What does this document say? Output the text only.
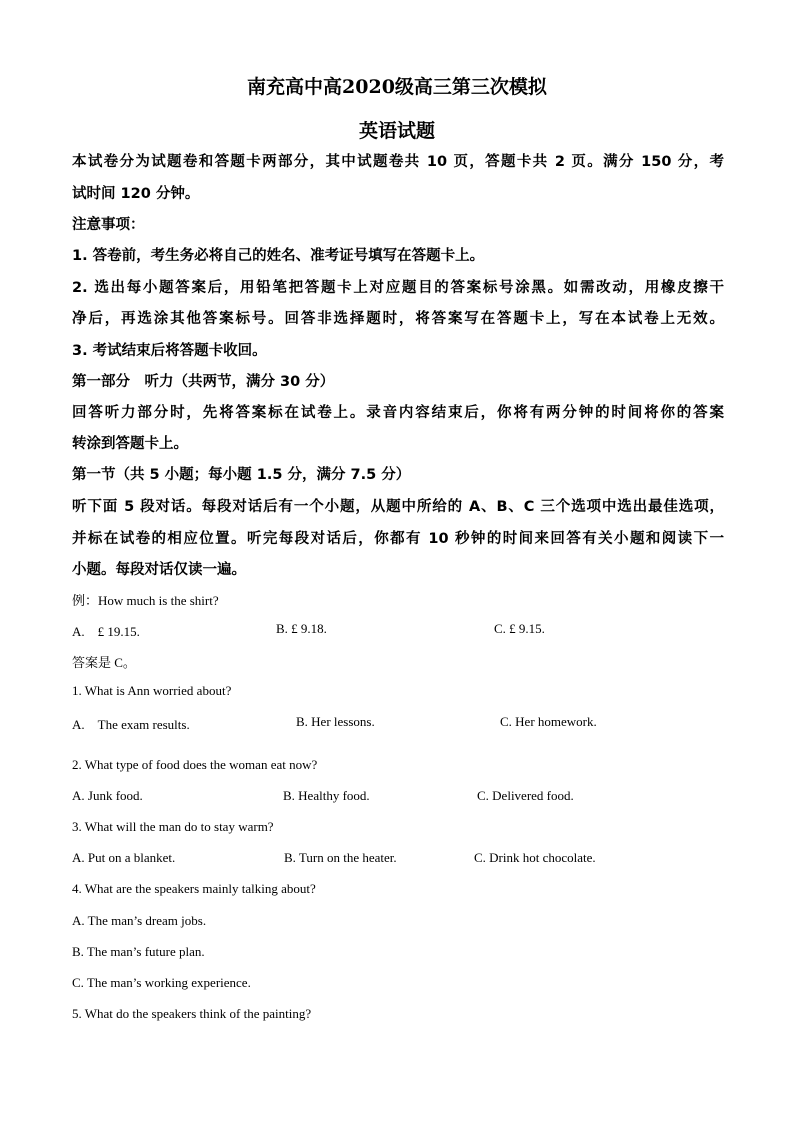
南充高中高2020级高三第三次模拟
英语试题
本试卷分为试题卷和答题卡两部分，其中试题卷共 10 页，答题卡共 2 页。满分 150 分，考
试时间 120 分钟。
注意事项：
1. 答卷前，考生务必将自己的姓名、准考证号填写在答题卡上。
2. 选出每小题答案后，用铅笔把答题卡上对应题目的答案标号涂黑。如需改动，用橡皮擦干
净后，再选涂其他答案标号。回答非选择题时，将答案写在答题卡上，写在本试卷上无效。
3. 考试结束后将答题卡收回。
第一部分　听力（共两节，满分 30 分）
回答听力部分时，先将答案标在试卷上。录音内容结束后，你将有两分钟的时间将你的答案
转涂到答题卡上。
第一节（共 5 小题；每小题 1.5 分，满分 7.5 分）
听下面 5 段对话。每段对话后有一个小题，从题中所给的 A、B、C 三个选项中选出最佳选项，
并标在试卷的相应位置。听完每段对话后，你都有 10 秒钟的时间来回答有关小题和阅读下一
小题。每段对话仅读一遍。
例：How much is the shirt?
A.　£ 19.15.	B. £ 9.18.	C. £ 9.15.
答案是 C。
1. What is Ann worried about?
A.　The exam results.	B. Her lessons.	C. Her homework.
2. What type of food does the woman eat now?
A. Junk food.	B. Healthy food.	C. Delivered food.
3. What will the man do to stay warm?
A. Put on a blanket.	B. Turn on the heater.	C. Drink hot chocolate.
4. What are the speakers mainly talking about?
A. The man’s dream jobs.
B. The man’s future plan.
C. The man’s working experience.
5. What do the speakers think of the painting?
